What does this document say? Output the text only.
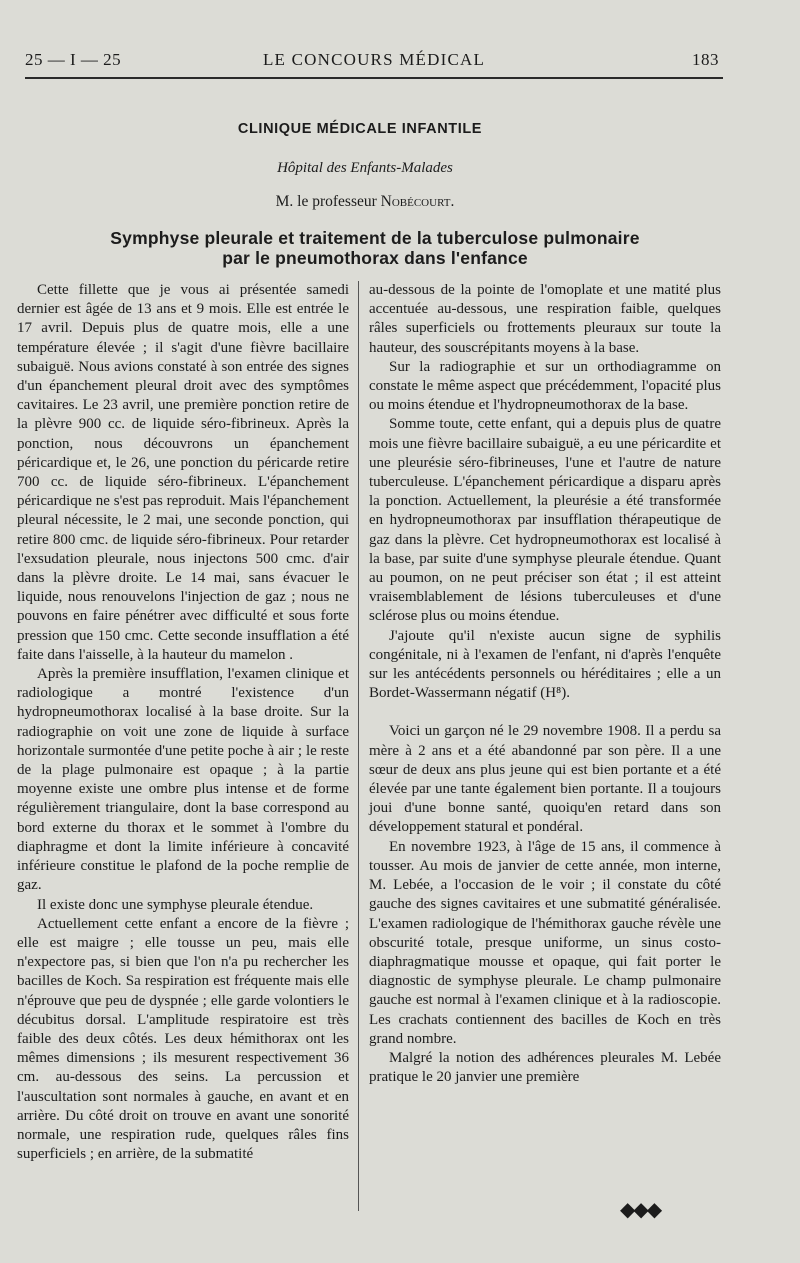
25 — I — 25	LE CONCOURS MÉDICAL	183
CLINIQUE MÉDICALE INFANTILE
Hôpital des Enfants-Malades
M. le professeur Nobécourt.
Symphyse pleurale et traitement de la tuberculose pulmonaire
par le pneumothorax dans l'enfance

Cette fillette que je vous ai présentée samedi dernier est âgée de 13 ans et 9 mois. Elle est entrée le 17 avril. Depuis plus de quatre mois, elle a une température élevée ; il s'agit d'une fièvre bacillaire subaiguë. Nous avions constaté à son entrée des signes d'un épanchement pleural droit avec des symptômes cavitaires. Le 23 avril, une première ponction retire de la plèvre 900 cc. de liquide séro-fibrineux. Après la ponction, nous découvrons un épanchement péricardique et, le 26, une ponction du péricarde retire 700 cc. de liquide séro-fibrineux. L'épanchement péricardique ne s'est pas reproduit. Mais l'épanchement pleural nécessite, le 2 mai, une seconde ponction, qui retire 800 cmc. de liquide séro-fibrineux. Pour retarder l'exsudation pleurale, nous injectons 500 cmc. d'air dans la plèvre droite. Le 14 mai, sans évacuer le liquide, nous renouvelons l'injection de gaz ; nous ne pouvons en faire pénétrer avec difficulté et sous forte pression que 150 cmc. Cette seconde insufflation a été faite dans l'aisselle, à la hauteur du mamelon .

Après la première insufflation, l'examen clinique et radiologique a montré l'existence d'un hydropneumothorax localisé à la base droite. Sur la radiographie on voit une zone de liquide à surface horizontale surmontée d'une petite poche à air ; le reste de la plage pulmonaire est opaque ; à la partie moyenne existe une ombre plus intense et de forme régulièrement triangulaire, dont la base correspond au bord externe du thorax et le sommet à l'ombre du diaphragme et dont la limite inférieure à concavité inférieure constitue le plafond de la poche remplie de gaz.

Il existe donc une symphyse pleurale étendue.

Actuellement cette enfant a encore de la fièvre ; elle est maigre ; elle tousse un peu, mais elle n'expectore pas, si bien que l'on n'a pu rechercher les bacilles de Koch. Sa respiration est fréquente mais elle n'éprouve que peu de dyspnée ; elle garde volontiers le décubitus dorsal. L'amplitude respiratoire est très faible des deux côtés. Les deux hémithorax ont les mêmes dimensions ; ils mesurent respectivement 36 cm. au-dessous des seins. La percussion et l'auscultation sont normales à gauche, en avant et en arrière. Du côté droit on trouve en avant une sonorité normale, une respiration rude, quelques râles fins superficiels ; en arrière, de la submatité

au-dessous de la pointe de l'omoplate et une matité plus accentuée au-dessous, une respiration faible, quelques râles superficiels ou frottements pleuraux sur toute la hauteur, des souscrépitants moyens à la base.

Sur la radiographie et sur un orthodiagramme on constate le même aspect que précédemment, l'opacité plus ou moins étendue et l'hydropneumothorax de la base.

Somme toute, cette enfant, qui a depuis plus de quatre mois une fièvre bacillaire subaiguë, a eu une péricardite et une pleurésie séro-fibrineuses, l'une et l'autre de nature tuberculeuse. L'épanchement péricardique a disparu après la ponction. Actuellement, la pleurésie a été transformée en hydropneumothorax par insufflation thérapeutique de gaz dans la plèvre. Cet hydropneumothorax est localisé à la base, par suite d'une symphyse pleurale étendue. Quant au poumon, on ne peut préciser son état ; il est atteint vraisemblablement de lésions tuberculeuses et d'une sclérose plus ou moins étendue.

J'ajoute qu'il n'existe aucun signe de syphilis congénitale, ni à l'examen de l'enfant, ni d'après l'enquête sur les antécédents personnels ou héréditaires ; elle a un Bordet-Wassermann négatif (H⁸).

Voici un garçon né le 29 novembre 1908. Il a perdu sa mère à 2 ans et a été abandonné par son père. Il a une sœur de deux ans plus jeune qui est bien portante et a été élevée par une tante également bien portante. Il a toujours joui d'une bonne santé, quoiqu'en retard dans son développement statural et pondéral.

En novembre 1923, à l'âge de 15 ans, il commence à tousser. Au mois de janvier de cette année, mon interne, M. Lebée, a l'occasion de le voir ; il constate du côté gauche des signes cavitaires et une submatité généralisée. L'examen radiologique de l'hémithorax gauche révèle une obscurité totale, presque uniforme, un sinus costo-diaphragmatique mousse et opaque, qui fait porter le diagnostic de symphyse pleurale. Le champ pulmonaire gauche est normal à l'examen clinique et à la radioscopie. Les crachats contiennent des bacilles de Koch en très grand nombre.

Malgré la notion des adhérences pleurales M. Lebée pratique le 20 janvier une première

◆◆◆
